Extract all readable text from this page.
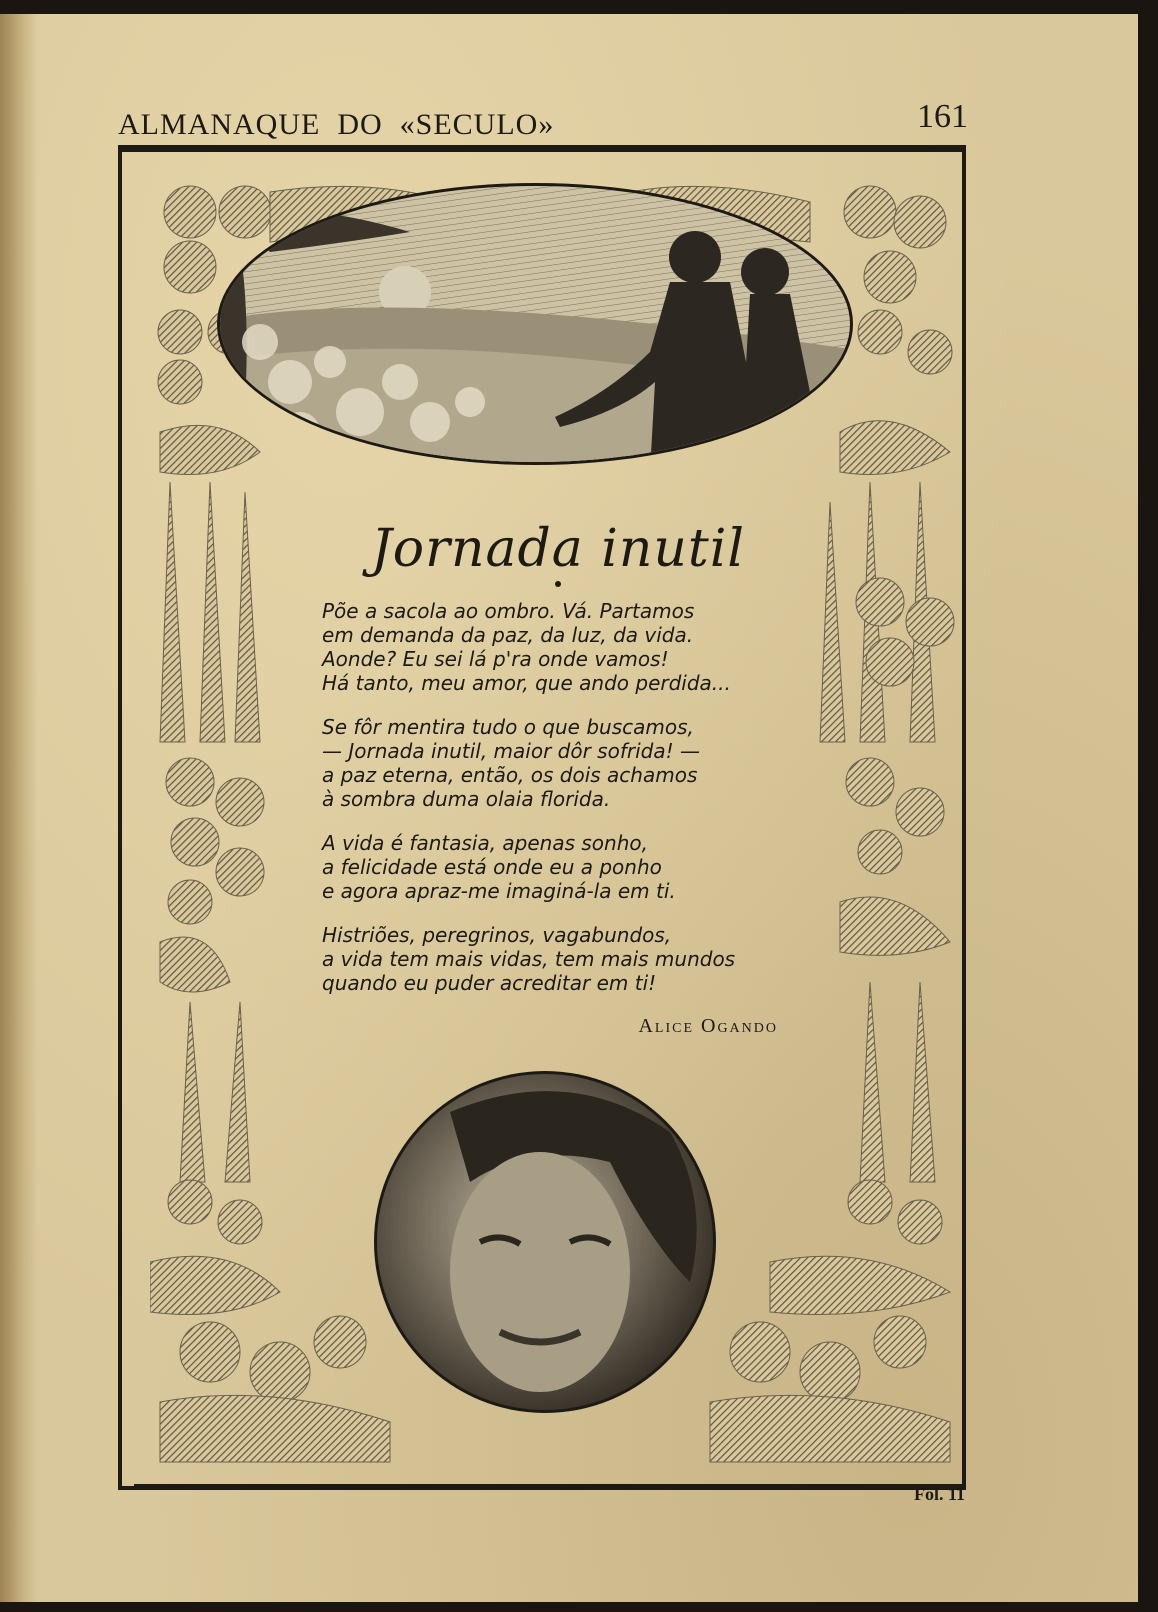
ALMANAQUE  DO  «SECULO»	161
Jornada inutil
Põe a sacola ao ombro. Vá. Partamos
em demanda da paz, da luz, da vida.
Aonde? Eu sei lá p'ra onde vamos!
Há tanto, meu amor, que ando perdida...
Se fôr mentira tudo o que buscamos,
— Jornada inutil, maior dôr sofrida! —
a paz eterna, então, os dois achamos
à sombra duma olaia florida.
A vida é fantasia, apenas sonho,
a felicidade está onde eu a ponho
e agora apraz-me imaginá-la em ti.
Histriões, peregrinos, vagabundos,
a vida tem mais vidas, tem mais mundos
quando eu puder acreditar em ti!
Alice Ogando
Fol. 11
